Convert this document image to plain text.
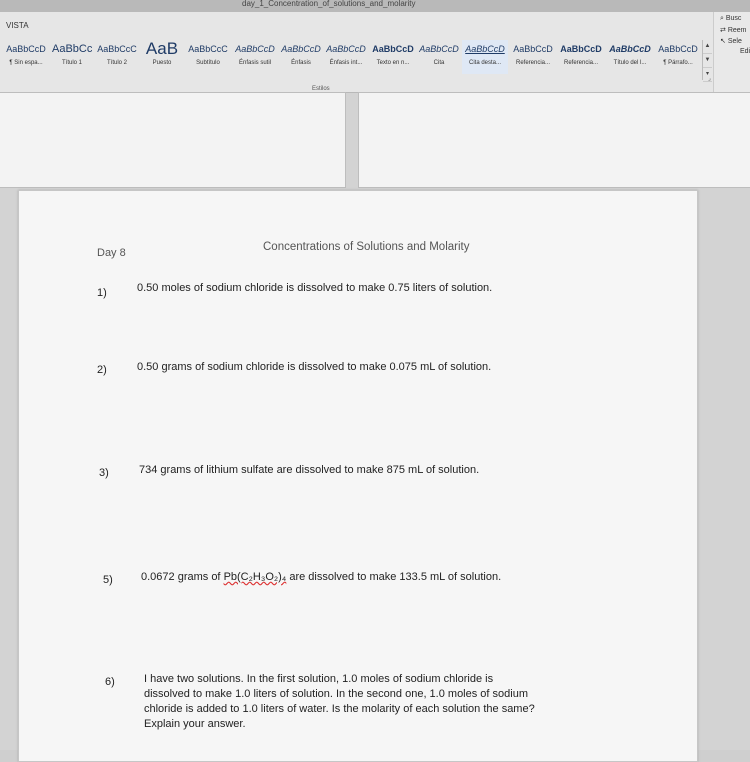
day_1_Concentration_of_solutions_and_molarity
VISTA
AaBbCcD
¶ Sin espa...
AaBbCc
Título 1
AaBbCcC
Título 2
AaB
Puesto
AaBbCcC
Subtítulo
AaBbCcD
Énfasis sutil
AaBbCcD
Énfasis
AaBbCcD
Énfasis int...
AaBbCcD
Texto en n...
AaBbCcD
Cita
AaBbCcD
Cita desta...
AaBbCcD
Referencia...
AaBbCcD
Referencia...
AaBbCcD
Título del l...
AaBbCcD
¶ Párrafo...
▲
▼
▾
Estilos
⌟
⌕ Busc
⇄ Reem
↖ Sele
Edi
Day 8	Concentrations of Solutions and Molarity
1)	0.50 moles of sodium chloride is dissolved to make 0.75 liters of solution.
2)	0.50 grams of sodium chloride is dissolved to make 0.075 mL of solution.
3)	734 grams of lithium sulfate are dissolved to make 875 mL of solution.
5)	0.0672 grams of Pb(C₂H₃O₂)₄ are dissolved to make 133.5 mL of solution.
6)	I have two solutions. In the first solution, 1.0 moles of sodium chloride is
dissolved to make 1.0 liters of solution. In the second one, 1.0 moles of sodium
chloride is added to 1.0 liters of water. Is the molarity of each solution the same?
Explain your answer.
